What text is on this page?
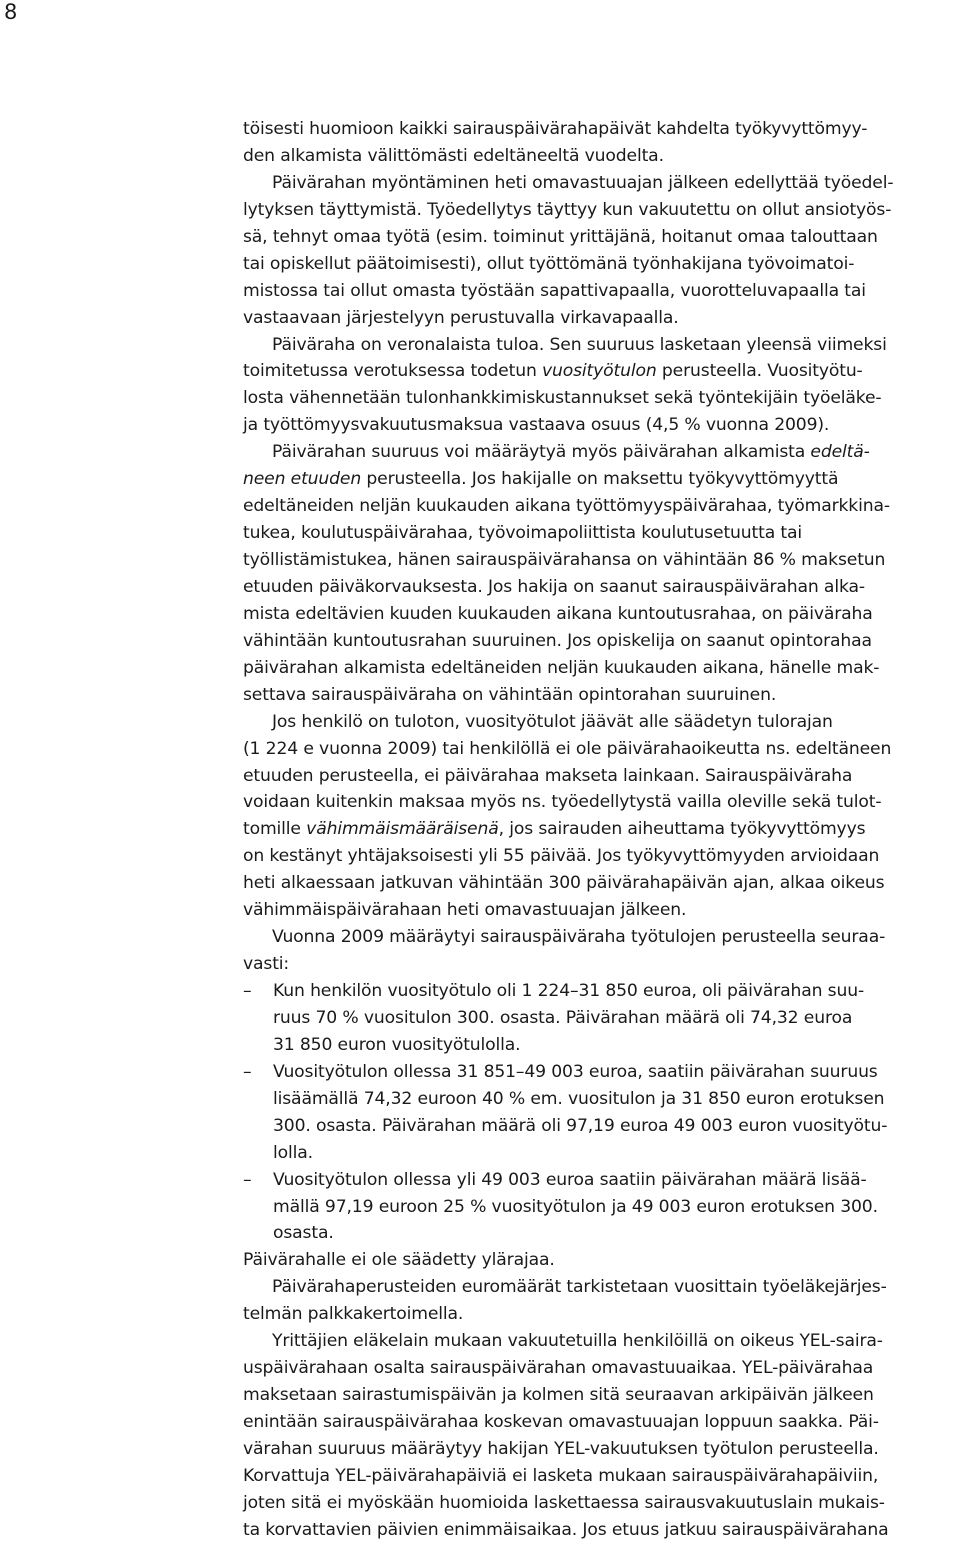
8
töisesti huomioon kaikki sairauspäivärahapäivät kahdelta työkyvyttömyy-
den alkamista välittömästi edeltäneeltä vuodelta.
Päivärahan myöntäminen heti omavastuuajan jälkeen edellyttää työedel-
lytyksen täyttymistä. Työedellytys täyttyy kun vakuutettu on ollut ansiotyös-
sä, tehnyt omaa työtä (esim. toiminut yrittäjänä, hoitanut omaa talouttaan
tai opiskellut päätoimisesti), ollut työttömänä työnhakijana työvoimatoi-
mistossa tai ollut omasta työstään sapattivapaalla, vuorotteluvapaalla tai
vastaavaan järjestelyyn perustuvalla virkavapaalla.
Päiväraha on veronalaista tuloa. Sen suuruus lasketaan yleensä viimeksi
toimitetussa verotuksessa todetun vuosityötulon perusteella. Vuosityötu-
losta vähennetään tulonhankkimiskustannukset sekä työntekijäin työeläke-
ja työttömyysvakuutusmaksua vastaava osuus (4,5 % vuonna 2009).
Päivärahan suuruus voi määräytyä myös päivärahan alkamista edeltä-
neen etuuden perusteella. Jos hakijalle on maksettu työkyvyttömyyttä
edeltäneiden neljän kuukauden aikana työttömyyspäivärahaa, työmarkkina-
tukea, koulutuspäivärahaa, työvoimapoliittista koulutusetuutta tai
työllistämistukea, hänen sairauspäivärahansa on vähintään 86 % maksetun
etuuden päiväkorvauksesta. Jos hakija on saanut sairauspäivärahan alka-
mista edeltävien kuuden kuukauden aikana kuntoutusrahaa, on päiväraha
vähintään kuntoutusrahan suuruinen. Jos opiskelija on saanut opintorahaa
päivärahan alkamista edeltäneiden neljän kuukauden aikana, hänelle mak-
settava sairauspäiväraha on vähintään opintorahan suuruinen.
Jos henkilö on tuloton, vuosityötulot jäävät alle säädetyn tulorajan
(1 224 e vuonna 2009) tai henkilöllä ei ole päivärahaoikeutta ns. edeltäneen
etuuden perusteella, ei päivärahaa makseta lainkaan. Sairauspäiväraha
voidaan kuitenkin maksaa myös ns. työedellytystä vailla oleville sekä tulot-
tomille vähimmäismääräisenä, jos sairauden aiheuttama työkyvyttömyys
on kestänyt yhtäjaksoisesti yli 55 päivää. Jos työkyvyttömyyden arvioidaan
heti alkaessaan jatkuvan vähintään 300 päivärahapäivän ajan, alkaa oikeus
vähimmäispäivärahaan heti omavastuuajan jälkeen.
Vuonna 2009 määräytyi sairauspäiväraha työtulojen perusteella seuraa-
vasti:
– Kun henkilön vuosityötulo oli 1 224–31 850 euroa, oli päivärahan suu-
ruus 70 % vuositulon 300. osasta. Päivärahan määrä oli 74,32 euroa
31 850 euron vuosityötulolla.
– Vuosityötulon ollessa 31 851–49 003 euroa, saatiin päivärahan suuruus
lisäämällä 74,32 euroon 40 % em. vuositulon ja 31 850 euron erotuksen
300. osasta. Päivärahan määrä oli 97,19 euroa 49 003 euron vuosityötu-
lolla.
– Vuosityötulon ollessa yli 49 003 euroa saatiin päivärahan määrä lisää-
mällä 97,19 euroon 25 % vuosityötulon ja 49 003 euron erotuksen 300.
osasta.
Päivärahalle ei ole säädetty ylärajaa.
Päivärahaperusteiden euromäärät tarkistetaan vuosittain työeläkejärjes-
telmän palkkakertoimella.
Yrittäjien eläkelain mukaan vakuutetuilla henkilöillä on oikeus YEL-saira-
uspäivärahaan osalta sairauspäivärahan omavastuuaikaa. YEL-päivärahaa
maksetaan sairastumispäivän ja kolmen sitä seuraavan arkipäivän jälkeen
enintään sairauspäivärahaa koskevan omavastuuajan loppuun saakka. Päi-
värahan suuruus määräytyy hakijan YEL-vakuutuksen työtulon perusteella.
Korvattuja YEL-päivärahapäiviä ei lasketa mukaan sairauspäivärahapäiviin,
joten sitä ei myöskään huomioida laskettaessa sairausvakuutuslain mukais-
ta korvattavien päivien enimmäisaikaa. Jos etuus jatkuu sairauspäivärahana
